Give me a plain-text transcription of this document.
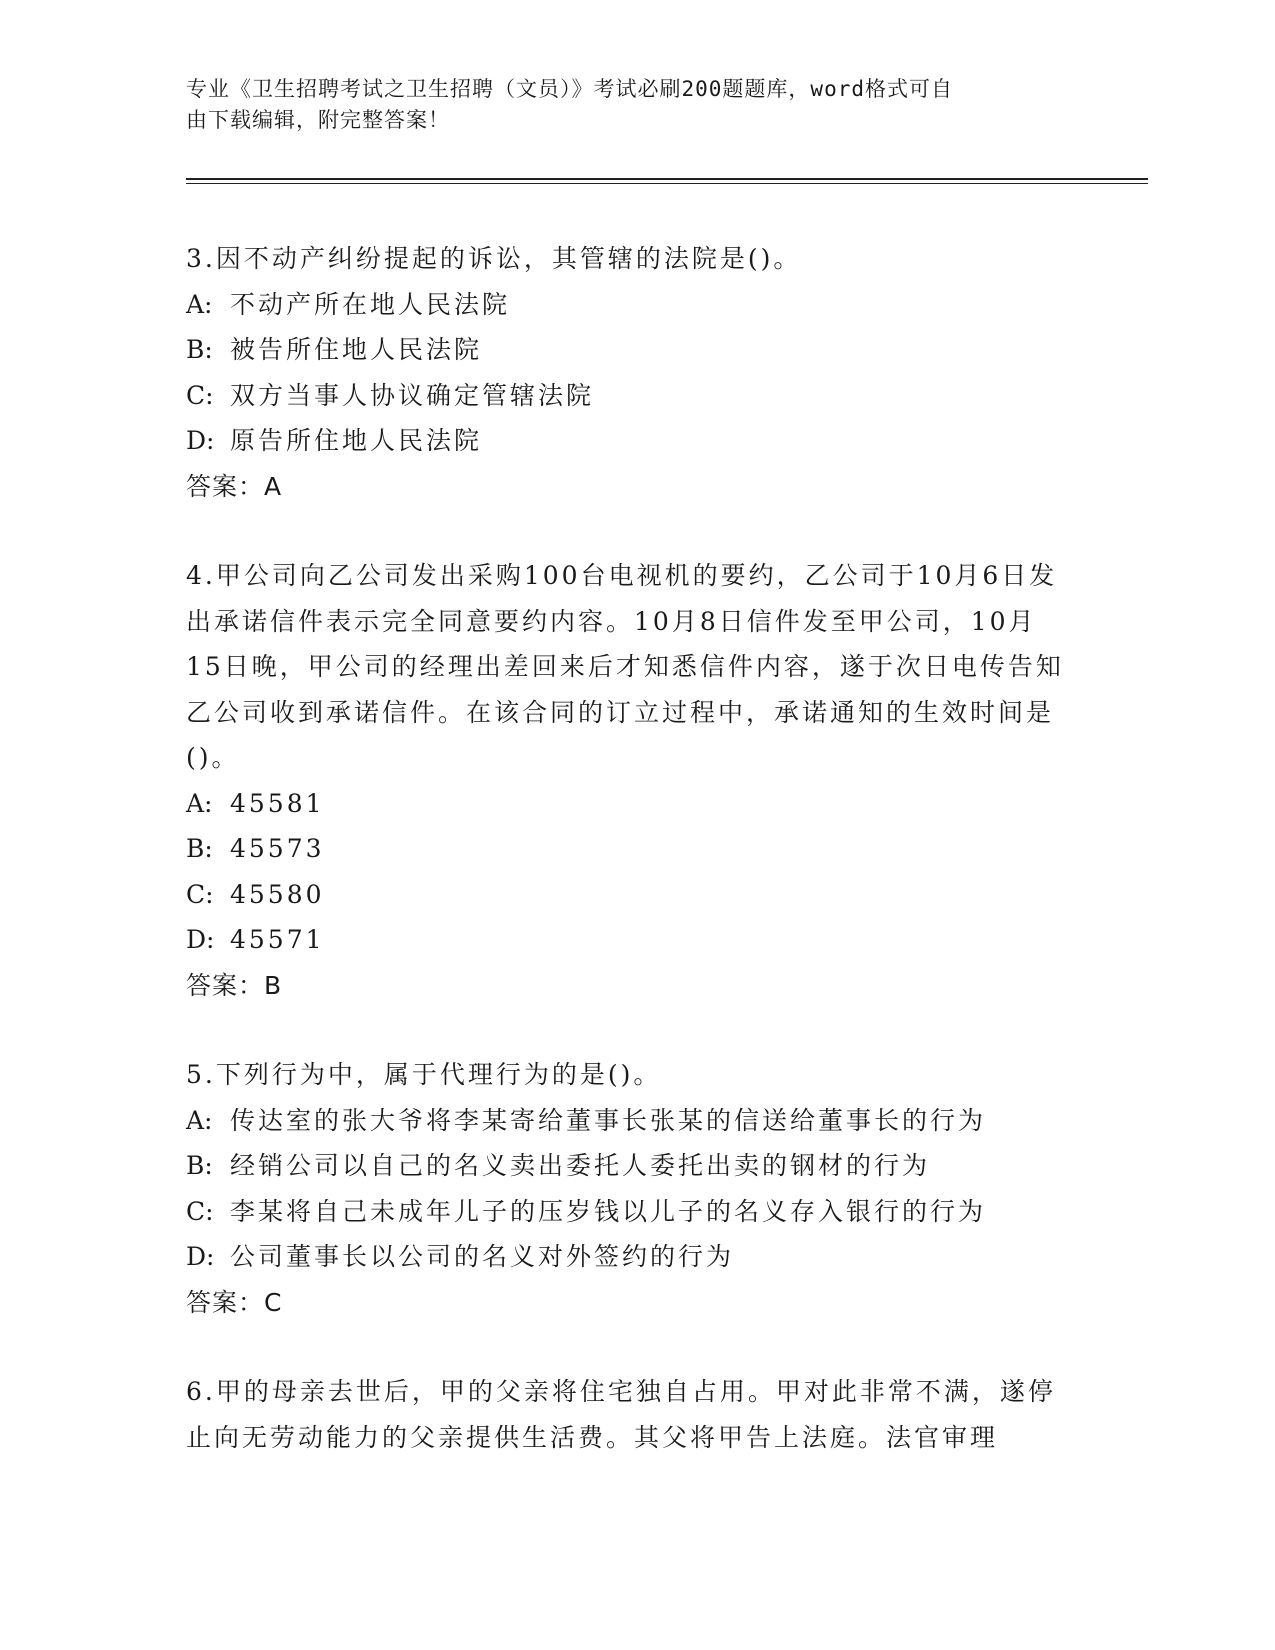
专业《卫生招聘考试之卫生招聘（文员）》考试必刷200题题库，word格式可自
由下载编辑，附完整答案！
3.因不动产纠纷提起的诉讼，其管辖的法院是()。
A: 不动产所在地人民法院
B: 被告所住地人民法院
C: 双方当事人协议确定管辖法院
D: 原告所住地人民法院
答案：A
4.甲公司向乙公司发出采购100台电视机的要约，乙公司于10月6日发出承诺信件表示完全同意要约内容。10月8日信件发至甲公司，10月15日晚，甲公司的经理出差回来后才知悉信件内容，遂于次日电传告知乙公司收到承诺信件。在该合同的订立过程中，承诺通知的生效时间是()。
A: 45581
B: 45573
C: 45580
D: 45571
答案：B
5.下列行为中，属于代理行为的是()。
A: 传达室的张大爷将李某寄给董事长张某的信送给董事长的行为
B: 经销公司以自己的名义卖出委托人委托出卖的钢材的行为
C: 李某将自己未成年儿子的压岁钱以儿子的名义存入银行的行为
D: 公司董事长以公司的名义对外签约的行为
答案：C
6.甲的母亲去世后，甲的父亲将住宅独自占用。甲对此非常不满，遂停止向无劳动能力的父亲提供生活费。其父将甲告上法庭。法官审理
